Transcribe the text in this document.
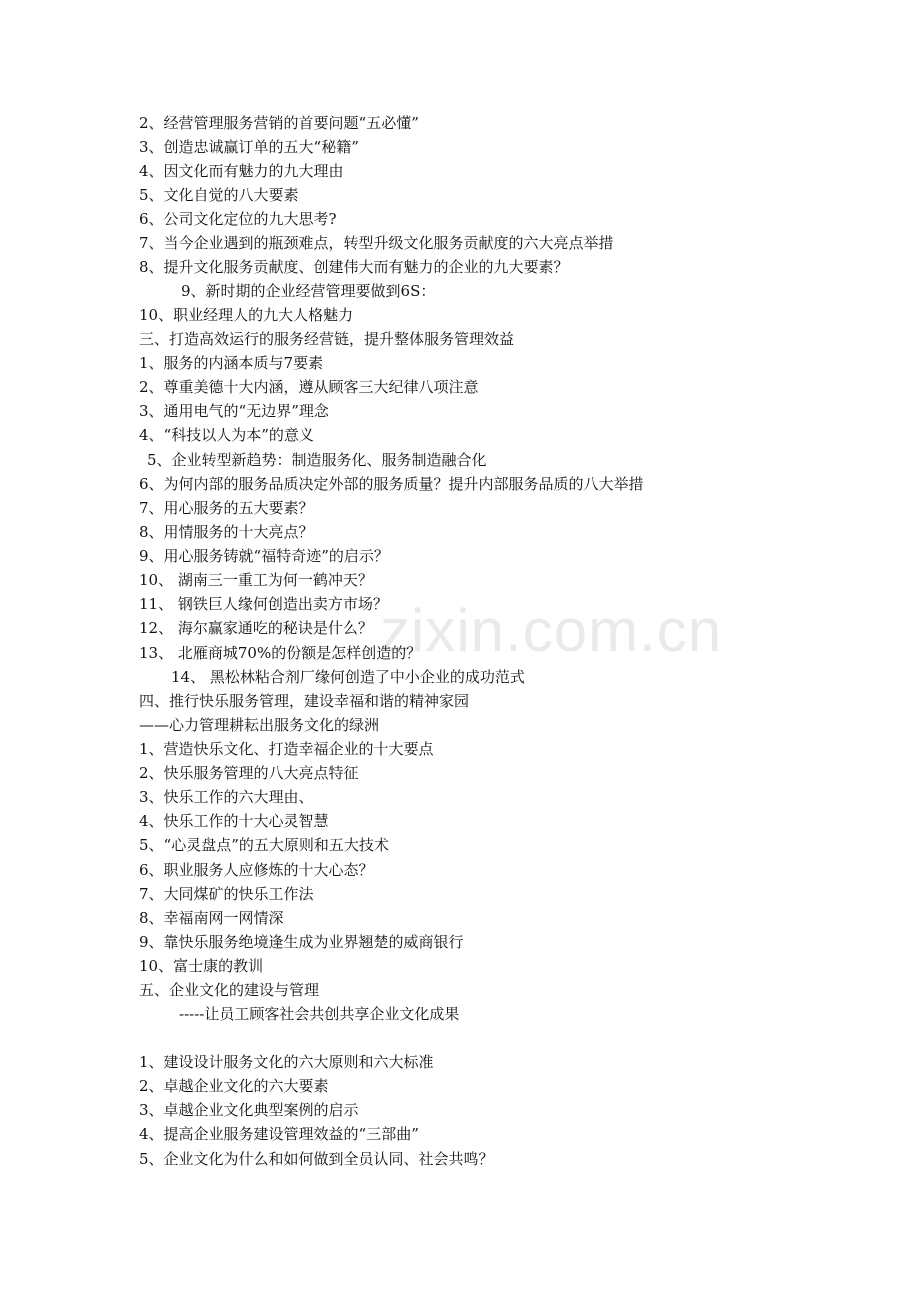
zixin.com.cn
2、经营管理服务营销的首要问题“五必懂”
3、创造忠诚赢订单的五大“秘籍”
4、因文化而有魅力的九大理由
5、文化自觉的八大要素
6、公司文化定位的九大思考?
7、当今企业遇到的瓶颈难点，转型升级文化服务贡献度的六大亮点举措
8、提升文化服务贡献度、创建伟大而有魅力的企业的九大要素？
9、新时期的企业经营管理要做到6S：
10、职业经理人的九大人格魅力
三、打造高效运行的服务经营链，提升整体服务管理效益
1、服务的内涵本质与7要素
2、尊重美德十大内涵，遵从顾客三大纪律八项注意
3、通用电气的“无边界”理念
4、“科技以人为本”的意义
5、企业转型新趋势：制造服务化、服务制造融合化
6、为何内部的服务品质决定外部的服务质量？提升内部服务品质的八大举措
7、用心服务的五大要素？
8、用情服务的十大亮点？
9、用心服务铸就“福特奇迹”的启示？
10、 湖南三一重工为何一鹤冲天？
11、 钢铁巨人缘何创造出卖方市场？
12、 海尔赢家通吃的秘诀是什么？
13、 北雁商城70%的份额是怎样创造的？
14、 黑松林粘合剂厂缘何创造了中小企业的成功范式
四、推行快乐服务管理，建设幸福和谐的精神家园
——心力管理耕耘出服务文化的绿洲
1、营造快乐文化、打造幸福企业的十大要点
2、快乐服务管理的八大亮点特征
3、快乐工作的六大理由、
4、快乐工作的十大心灵智慧
5、“心灵盘点”的五大原则和五大技术
6、职业服务人应修炼的十大心态？
7、大同煤矿的快乐工作法
8、幸福南网一网情深
9、靠快乐服务绝境逢生成为业界翘楚的威商银行
10、富士康的教训
五、企业文化的建设与管理
-----让员工顾客社会共创共享企业文化成果
1、建设设计服务文化的六大原则和六大标准
2、卓越企业文化的六大要素
3、卓越企业文化典型案例的启示
4、提高企业服务建设管理效益的“三部曲”
5、企业文化为什么和如何做到全员认同、社会共鸣？
